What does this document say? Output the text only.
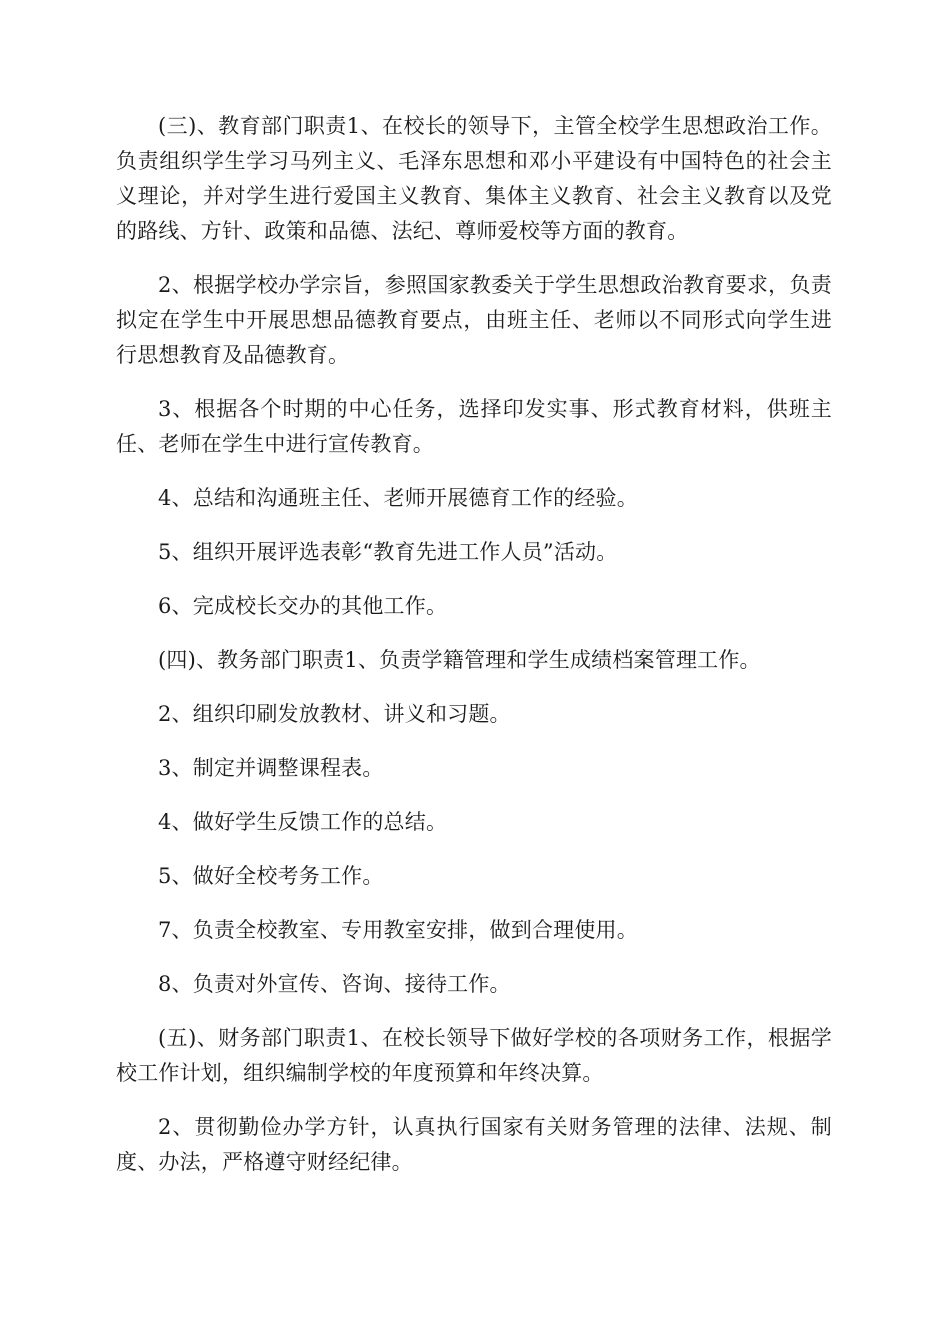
(三)、教育部门职责1、在校长的领导下，主管全校学生思想政治工作。负责组织学生学习马列主义、毛泽东思想和邓小平建设有中国特色的社会主义理论，并对学生进行爱国主义教育、集体主义教育、社会主义教育以及党的路线、方针、政策和品德、法纪、尊师爱校等方面的教育。

2、根据学校办学宗旨，参照国家教委关于学生思想政治教育要求，负责拟定在学生中开展思想品德教育要点，由班主任、老师以不同形式向学生进行思想教育及品德教育。

3、根据各个时期的中心任务，选择印发实事、形式教育材料，供班主任、老师在学生中进行宣传教育。

4、总结和沟通班主任、老师开展德育工作的经验。

5、组织开展评选表彰“教育先进工作人员”活动。

6、完成校长交办的其他工作。

(四)、教务部门职责1、负责学籍管理和学生成绩档案管理工作。

2、组织印刷发放教材、讲义和习题。

3、制定并调整课程表。

4、做好学生反馈工作的总结。

5、做好全校考务工作。

7、负责全校教室、专用教室安排，做到合理使用。

8、负责对外宣传、咨询、接待工作。

(五)、财务部门职责1、在校长领导下做好学校的各项财务工作，根据学校工作计划，组织编制学校的年度预算和年终决算。

2、贯彻勤俭办学方针，认真执行国家有关财务管理的法律、法规、制度、办法，严格遵守财经纪律。
